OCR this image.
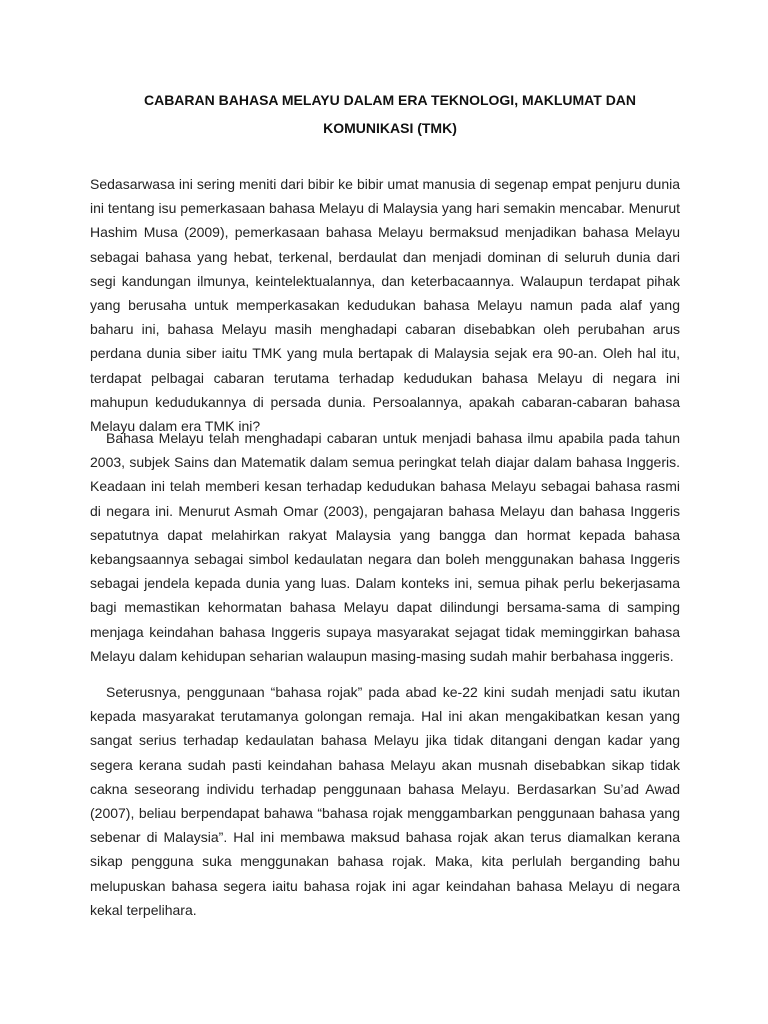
CABARAN BAHASA MELAYU DALAM ERA TEKNOLOGI, MAKLUMAT DAN

KOMUNIKASI (TMK)

Sedasarwasa ini sering meniti dari bibir ke bibir umat manusia di segenap empat penjuru dunia ini tentang isu pemerkasaan bahasa Melayu di Malaysia yang hari semakin mencabar. Menurut Hashim Musa (2009), pemerkasaan bahasa Melayu bermaksud menjadikan bahasa Melayu sebagai bahasa yang hebat, terkenal, berdaulat dan menjadi dominan di seluruh dunia dari segi kandungan ilmunya, keintelektualannya, dan keterbacaannya. Walaupun terdapat pihak yang berusaha untuk memperkasakan kedudukan bahasa Melayu namun pada alaf yang baharu ini, bahasa Melayu masih menghadapi cabaran disebabkan oleh perubahan arus perdana dunia siber iaitu TMK yang mula bertapak di Malaysia sejak era 90-an. Oleh hal itu, terdapat pelbagai cabaran terutama terhadap kedudukan bahasa Melayu di negara ini mahupun kedudukannya di persada dunia. Persoalannya, apakah cabaran-cabaran bahasa Melayu dalam era TMK ini?

Bahasa Melayu telah menghadapi cabaran untuk menjadi bahasa ilmu apabila pada tahun 2003, subjek Sains dan Matematik dalam semua peringkat telah diajar dalam bahasa Inggeris. Keadaan ini telah memberi kesan terhadap kedudukan bahasa Melayu sebagai bahasa rasmi di negara ini. Menurut Asmah Omar (2003), pengajaran bahasa Melayu dan bahasa Inggeris sepatutnya dapat melahirkan rakyat Malaysia yang bangga dan hormat kepada bahasa kebangsaannya sebagai simbol kedaulatan negara dan boleh menggunakan bahasa Inggeris sebagai jendela kepada dunia yang luas. Dalam konteks ini, semua pihak perlu bekerjasama bagi memastikan kehormatan bahasa Melayu dapat dilindungi bersama-sama di samping menjaga keindahan bahasa Inggeris supaya masyarakat sejagat tidak meminggirkan bahasa Melayu dalam kehidupan seharian walaupun masing-masing sudah mahir berbahasa inggeris.

Seterusnya, penggunaan “bahasa rojak” pada abad ke-22 kini sudah menjadi satu ikutan kepada masyarakat terutamanya golongan remaja. Hal ini akan mengakibatkan kesan yang sangat serius terhadap kedaulatan bahasa Melayu jika tidak ditangani dengan kadar yang segera kerana sudah pasti keindahan bahasa Melayu akan musnah disebabkan sikap tidak cakna seseorang individu terhadap penggunaan bahasa Melayu. Berdasarkan Su’ad Awad (2007), beliau berpendapat bahawa “bahasa rojak menggambarkan penggunaan bahasa yang sebenar di Malaysia”. Hal ini membawa maksud bahasa rojak akan terus diamalkan kerana sikap pengguna suka menggunakan bahasa rojak. Maka, kita perlulah berganding bahu melupuskan bahasa segera iaitu bahasa rojak ini agar keindahan bahasa Melayu di negara kekal terpelihara.
